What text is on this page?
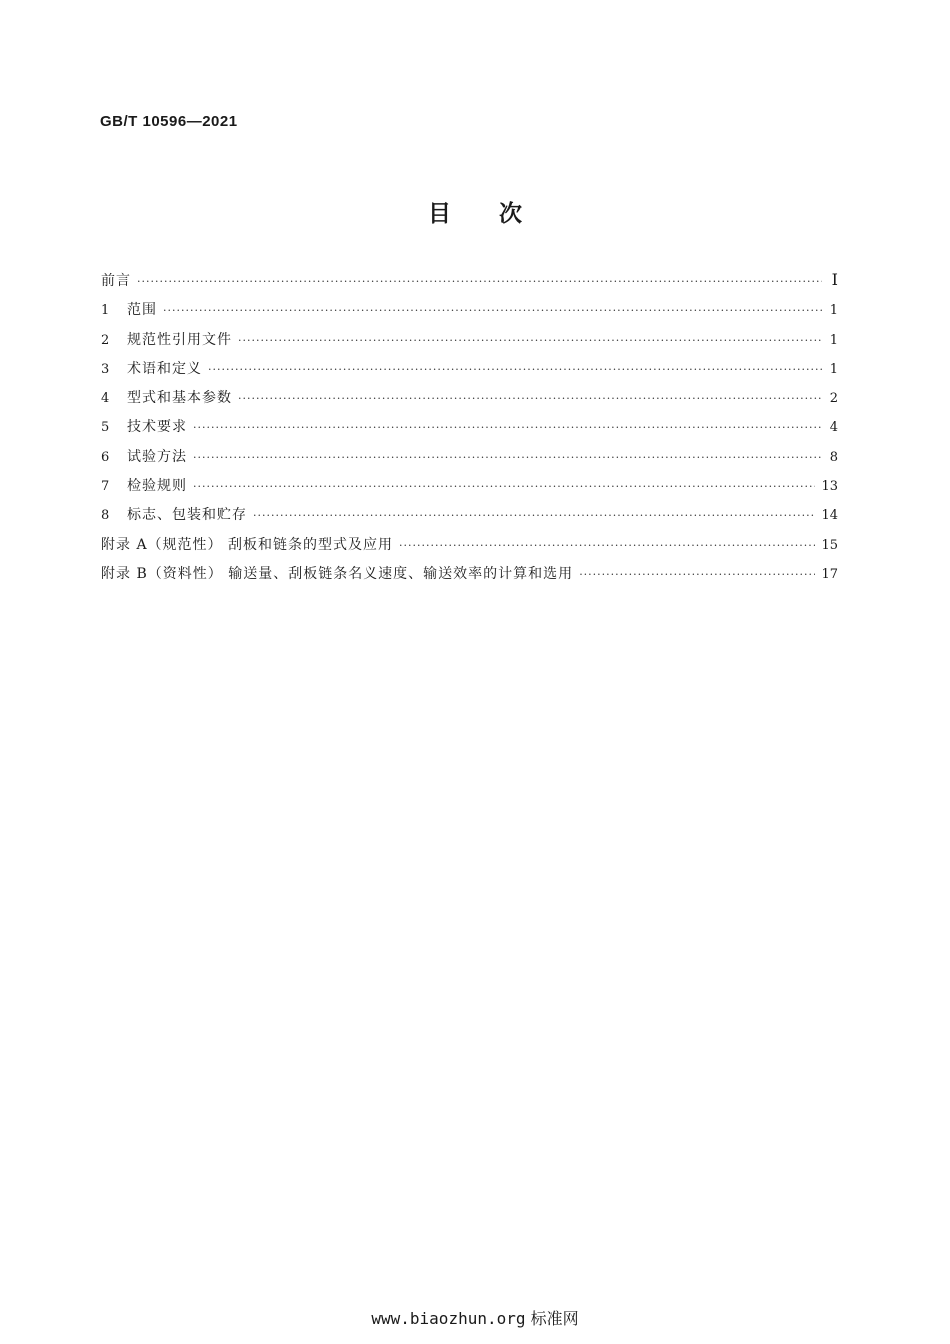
GB/T 10596—2021
目次
前言 ·····	Ⅰ
1 范围 ·····	1
2 规范性引用文件 ·····	1
3 术语和定义 ·····	1
4 型式和基本参数 ·····	2
5 技术要求 ·····	4
6 试验方法 ·····	8
7 检验规则 ·····	13
8 标志、包装和贮存 ·····	14
附录 A（规范性） 刮板和链条的型式及应用 ·····	15
附录 B（资料性） 输送量、刮板链条名义速度、输送效率的计算和选用 ·····	17
www.biaozhun.org 标准网
